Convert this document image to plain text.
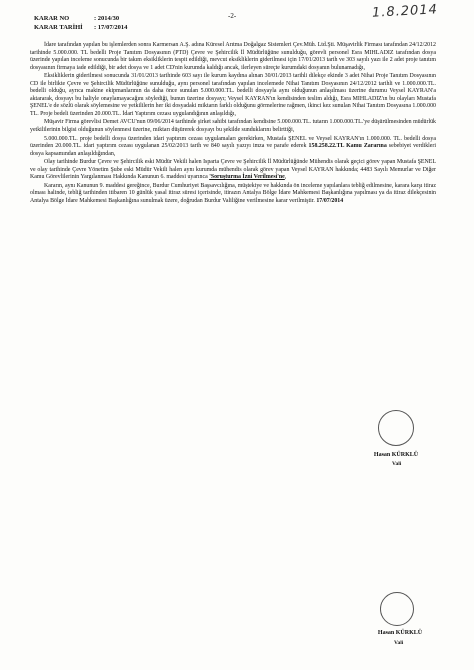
1.8.2014
-2-
KARAR NO	: 2014/30
KARAR TARİHİ	: 17/07/2014

İdare tarafından yapılan bu işlemlerden sonra Karmersan A.Ş. adına Küresel Arıtma Doğalgaz Sistemleri Çev.Müh. Ltd.Şti. Müşavirlik Firması tarafından 24/12/2012 tarihinde 5.000.000. TL bedelli Proje Tanıtım Dosyasının (PTD) Çevre ve Şehircilik İl Müdürlüğüne sunulduğu, görevli personel Esra MIHLADIZ tarafından dosya üzerinde yapılan inceleme sonucunda bir takım eksikliklerin tespit edildiği, mevcut eksikliklerin giderilmesi için 17/01/2013 tarih ve 303 sayılı yazı ile 2 adet proje tanıtım dosyasının firmaya iade edildiği, bir adet dosya ve 1 adet CD'nin kurumda kaldığı ancak, ilerleyen süreçte kurumdaki dosyanın bulunamadığı,

Eksikliklerin giderilmesi sonucunda 31/01/2013 tarihinde 603 sayı ile kurum kaydına alınan 30/01/2013 tarihli dilekçe ekinde 3 adet Nihai Proje Tanıtım Dosyasının CD ile birlikte Çevre ve Şehircilik Müdürlüğüne sunulduğu, aynı personel tarafından yapılan incelemede Nihai Tanıtım Dosyasının 24/12/2012 tarihli ve 1.000.000.TL. bedelli olduğu, ayrıca makine ekipmanlarının da daha önce sunulan 5.000.000.TL. bedelli dosyayla aynı olduğunun anlaşılması üzerine durumu Veysel KAYRAN'a aktararak, dosyayı bu haliyle onaylamayacağını söylediği, bunun üzerine dosyayı; Veysel KAYRAN'ın kendisinden teslim aldığı, Esra MIHLADIZ'ın bu olayları Mustafa ŞENEL'e de sözlü olarak söylemesine ve yetkililerin her iki dosyadaki miktarın farklı olduğunu görmelerine rağmen, ikinci kez sunulan Nihai Tanıtım Dosyasına 1.000.000 TL. Proje bedeli üzerinden 20.000.TL. İdari Yaptırım cezası uygulandığının anlaşıldığı,

Müşavir Firma görevlisi Demet AVCU'nun 09/06/2014 tarihinde şirket sahibi tarafından kendisine 5.000.000.TL. tutarın 1.000.000.TL.'ye düşürülmesinden müdürlük yetkililerinin bilgisi olduğunun söylenmesi üzerine, miktarı düşürerek dosyayı bu şekilde sunduklarını belirttiği,

5.000.000.TL. proje bedelli dosya üzerinden idari yaptırım cezası uygulamaları gerekirken, Mustafa ŞENEL ve Veysel KAYRAN'ın 1.000.000. TL. bedelli dosya üzerinden 20.000.TL. idari yaptırım cezası uygulanan 25/02/2013 tarih ve 840 sayılı yazıyı imza ve parafe ederek 158.258.22.TL Kamu Zararına sebebiyet verdikleri dosya kapsamından anlaşıldığından,

Olay tarihinde Burdur Çevre ve Şehircilik eski Müdür Vekili halen Isparta Çevre ve Şehircilik İl Müdürlüğünde Mühendis olarak geçici görev yapan Mustafa ŞENEL ve olay tarihinde Çevre Yönetim Şube eski Müdür Vekili halen aynı kurumda mühendis olarak görev yapan Veysel KAYRAN hakkında; 4483 Sayılı Memurlar ve Diğer Kamu Görevlilerinin Yargılanması Hakkında Kanunun 6. maddesi uyarınca 'Soruşturma İzni Verilmesi'ne,

Kararın, aynı Kanunun 9. maddesi gereğince, Burdur Cumhuriyet Başsavcılığına, müştekiye ve hakkında ön inceleme yapılanlara tebliğ edilmesine, karara karşı itiraz olması halinde, tebliğ tarihinden itibaren 10 günlük yasal itiraz süresi içerisinde, itirazın Antalya Bölge İdare Mahkemesi Başkanlığına yapılması ya da itiraz dilekçesinin Antalya Bölge İdare Mahkemesi Başkanlığına sunulmak üzere, doğrudan Burdur Valiliğine verilmesine karar verilmiştir. 17/07/2014

Hasan KÜRKLÜ
Vali
Hasan KÜRKLÜ
Vali
